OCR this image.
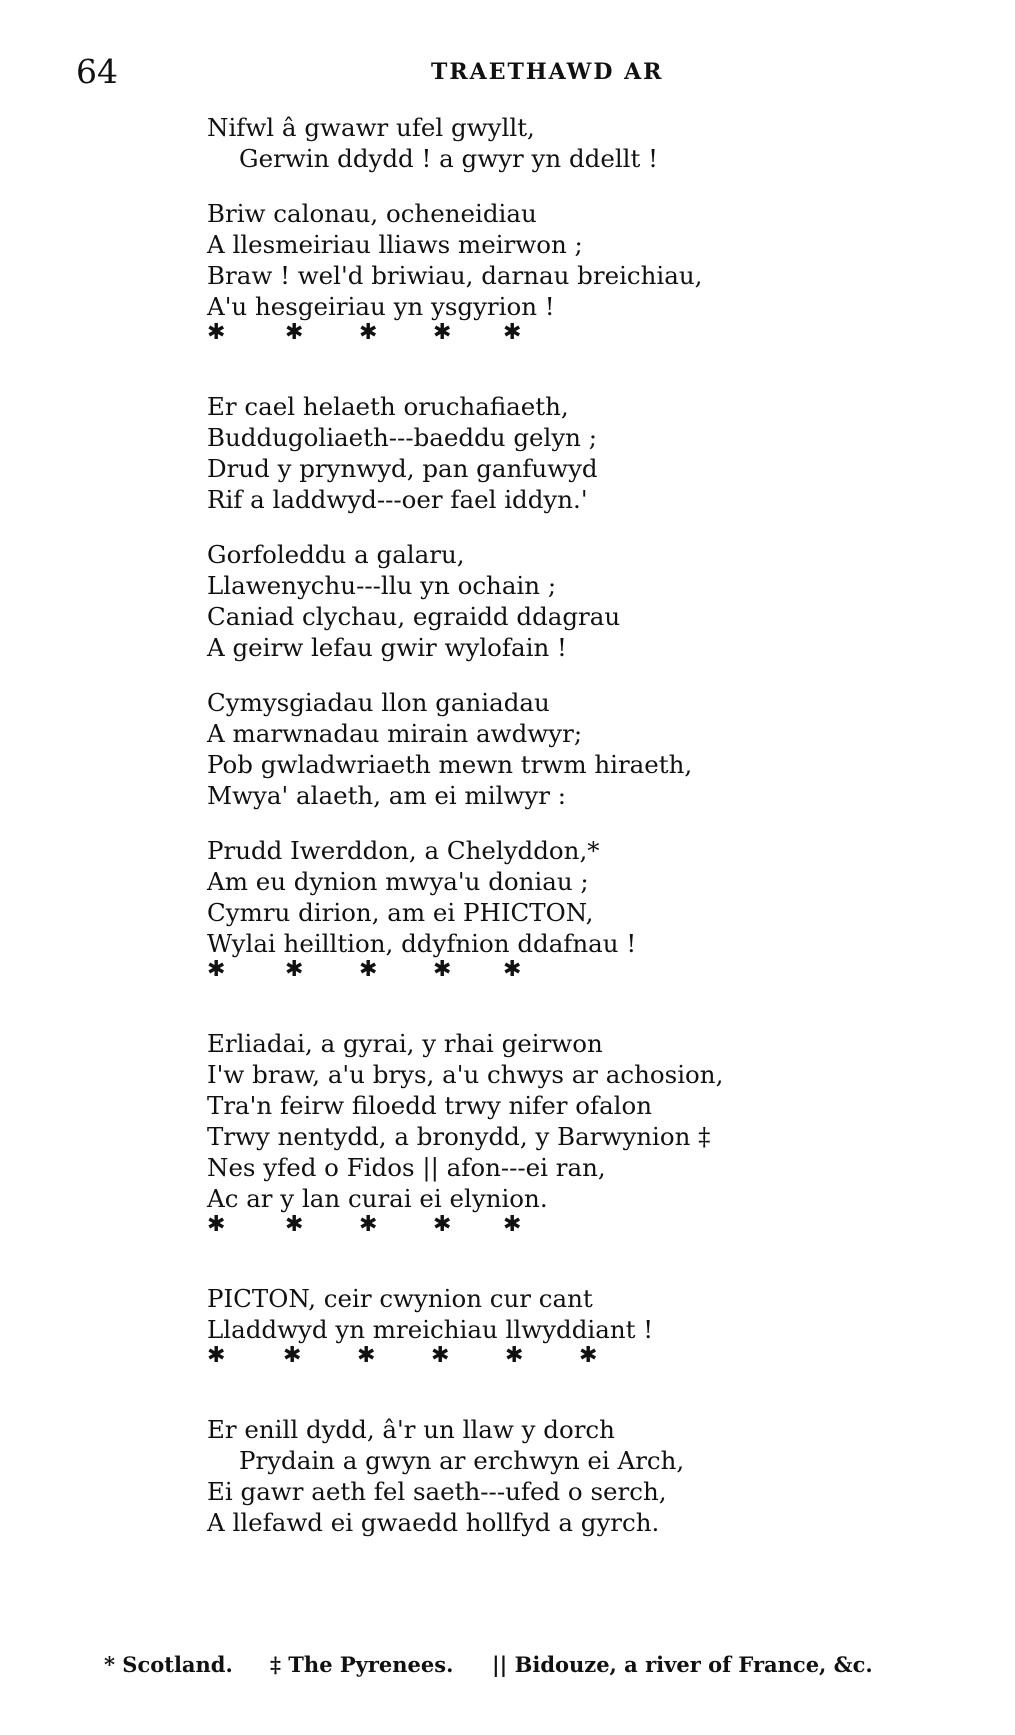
64	TRAETHAWD AR
Nifwl â gwawr ufel gwyllt,
Gerwin ddydd ! a gwyr yn ddellt !
Briw calonau, ocheneidiau
A llesmeiriau lliaws meirwon ;
Braw ! wel'd briwiau, darnau breichiau,
A'u hesgeiriau yn ysgyrion !
✱	✱	✱	✱ ✱
Er cael helaeth oruchafiaeth,
Buddugoliaeth---baeddu gelyn ;
Drud y prynwyd, pan ganfuwyd
Rif a laddwyd---oer fael iddyn.'
Gorfoleddu a galaru,
Llawenychu---llu yn ochain ;
Caniad clychau, egraidd ddagrau
A geirw lefau gwir wylofain !
Cymysgiadau llon ganiadau
A marwnadau mirain awdwyr;
Pob gwladwriaeth mewn trwm hiraeth,
Mwya' alaeth, am ei milwyr :
Prudd Iwerddon, a Chelyddon,*
Am eu dynion mwya'u doniau ;
Cymru dirion, am ei PHICTON,
Wylai heilltion, ddyfnion ddafnau !
✱	✱	✱	✱ ✱
Erliadai, a gyrai, y rhai geirwon
I'w braw, a'u brys, a'u chwys ar achosion,
Tra'n feirw filoedd trwy nifer ofalon
Trwy nentydd, a bronydd, y Barwynion ‡
Nes yfed o Fidos || afon---ei ran,
Ac ar y lan curai ei elynion.
✱	✱	✱	✱ ✱
PICTON, ceir cwynion cur cant
Lladdwyd yn mreichiau llwyddiant !
✱	✱	✱	✱	✱	✱
Er enill dydd, â'r un llaw y dorch
Prydain a gwyn ar erchwyn ei Arch,
Ei gawr aeth fel saeth---ufed o serch,
A llefawd ei gwaedd hollfyd a gyrch.
* Scotland. ‡ The Pyrenees. || Bidouze, a river of France, &c.
